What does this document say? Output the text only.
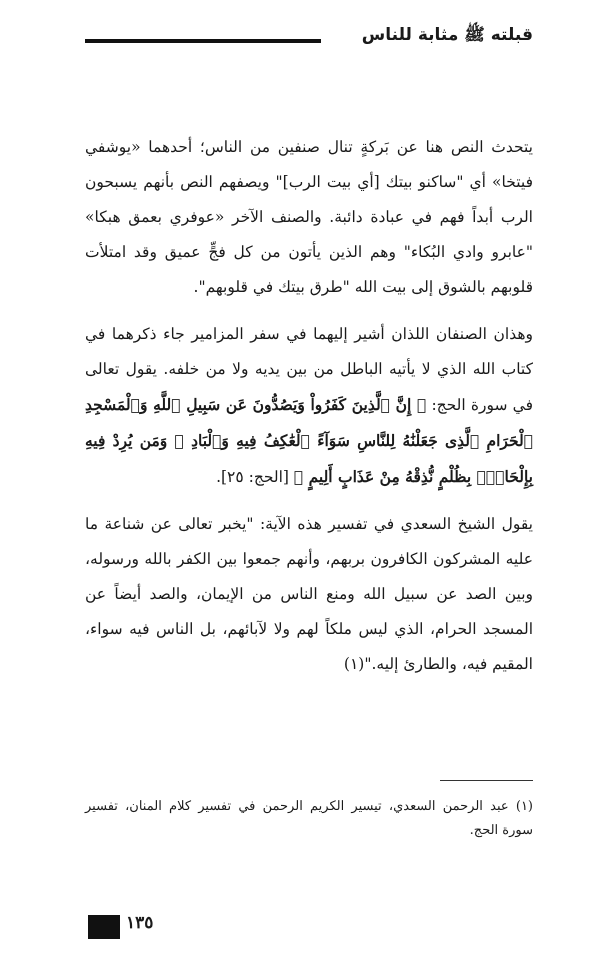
قبلته ﷺ مثابة للناس

يتحدث النص هنا عن بَركةٍ تنال صنفين من الناس؛ أحدهما «يوشفي فيتخا» أي "ساكنو بيتك [أي بيت الرب]" ويصفهم النص بأنهم يسبحون الرب أبداً فهم في عبادة دائبة. والصنف الآخر «عوفري بعمق هبكا» "عابرو وادي البُكاء" وهم الذين يأتون من كل فجٍّ عميق وقد امتلأت قلوبهم بالشوق إلى بيت الله "طرق بيتك في قلوبهم".

وهذان الصنفان اللذان أشير إليهما في سفر المزامير جاء ذكرهما في كتاب الله الذي لا يأتيه الباطل من بين يديه ولا من خلفه. يقول تعالى في سورة الحج: ﴿ إِنَّ ٱلَّذِينَ كَفَرُواْ وَيَصُدُّونَ عَن سَبِيلِ ٱللَّهِ وَٱلْمَسْجِدِ ٱلْحَرَامِ ٱلَّذِى جَعَلْنَٰهُ لِلنَّاسِ سَوَآءً ٱلْعَٰكِفُ فِيهِ وَٱلْبَادِ ۚ وَمَن يُرِدْ فِيهِ بِإِلْحَادٍۭ بِظُلْمٍ نُّذِقْهُ مِنْ عَذَابٍ أَلِيمٍ ﴾ [الحج: ٢٥].

يقول الشيخ السعدي في تفسير هذه الآية: "يخبر تعالى عن شناعة ما عليه المشركون الكافرون بربهم، وأنهم جمعوا بين الكفر بالله ورسوله، وبين الصد عن سبيل الله ومنع الناس من الإيمان، والصد أيضاً عن المسجد الحرام، الذي ليس ملكاً لهم ولا لآبائهم، بل الناس فيه سواء، المقيم فيه، والطارئ إليه."(١)

(١) عبد الرحمن السعدي، تيسير الكريم الرحمن في تفسير كلام المنان، تفسير سورة الحج.
١٣٥
